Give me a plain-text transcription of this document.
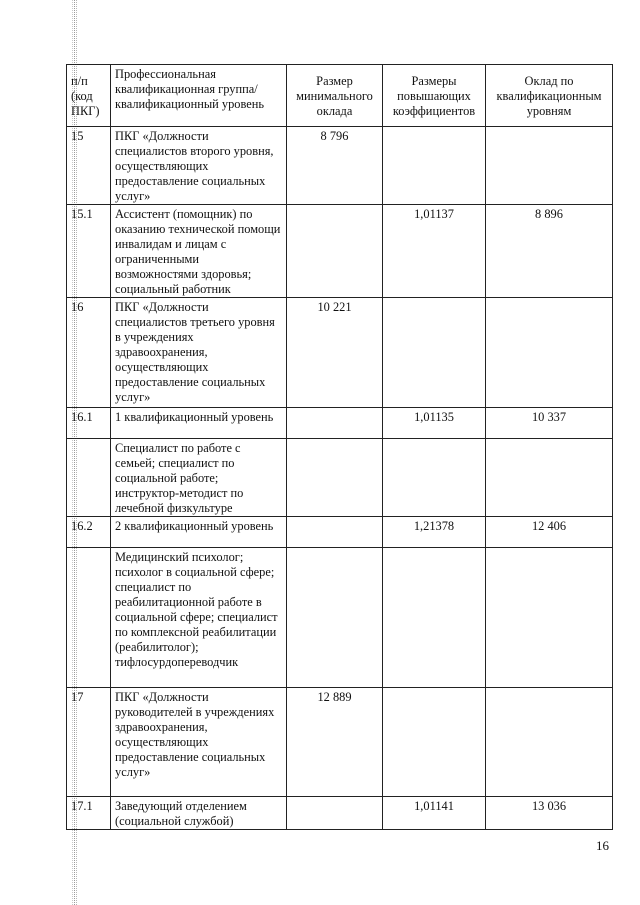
п/п (код ПКГ)	Профессиональная квалификационная группа/квалификационный уровень	Размер минимального оклада	Размеры повышающих коэффициентов	Оклад по квалификационным уровням
15	ПКГ «Должности специалистов второго уровня, осуществляющих предоставление социальных услуг»	8 796		
15.1	Ассистент (помощник) по оказанию технической помощи инвалидам и лицам с ограниченными возможностями здоровья; социальный работник		1,01137	8 896
16	ПКГ «Должности специалистов третьего уровня в учреждениях здравоохранения, осуществляющих предоставление социальных услуг»	10 221		
16.1	1 квалификационный уровень		1,01135	10 337
	Специалист по работе с семьей; специалист по социальной работе; инструктор-методист по лечебной физкультуре			
16.2	2 квалификационный уровень		1,21378	12 406
	Медицинский психолог; психолог в социальной сфере; специалист по реабилитационной работе в социальной сфере; специалист по комплексной реабилитации (реабилитолог); тифлосурдопереводчик			
17	ПКГ «Должности руководителей в учреждениях здравоохранения, осуществляющих предоставление социальных услуг»	12 889		
17.1	Заведующий отделением (социальной службой)		1,01141	13 036
16
